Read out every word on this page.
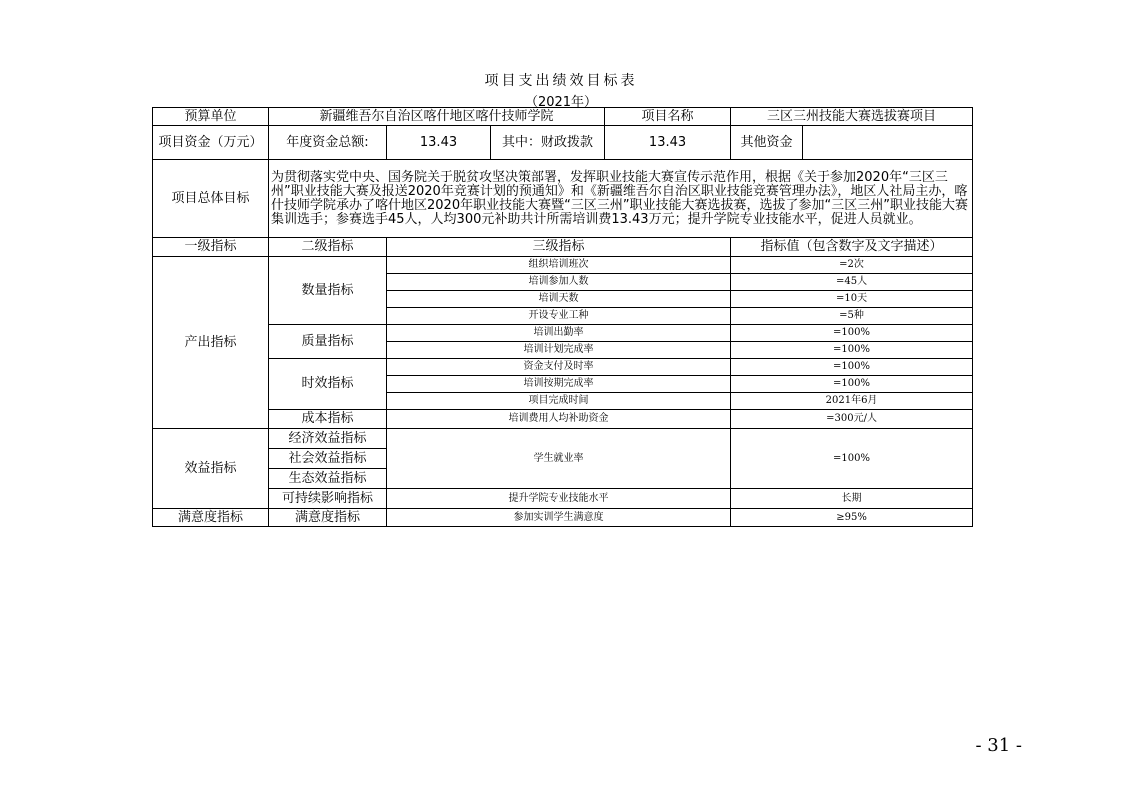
项目支出绩效目标表
（2021年）
预算单位	新疆维吾尔自治区喀什地区喀什技师学院			项目名称	三区三州技能大赛选拔赛项目	
项目资金（万元）	年度资金总额:	13.43	其中：财政拨款	13.43	其他资金	
项目总体目标	为贯彻落实党中央、国务院关于脱贫攻坚决策部署，发挥职业技能大赛宣传示范作用，根据《关于参加2020年“三区三州”职业技能大赛及报送2020年竞赛计划的预通知》和《新疆维吾尔自治区职业技能竞赛管理办法》，地区人社局主办，喀什技师学院承办了喀什地区2020年职业技能大赛暨“三区三州”职业技能大赛选拔赛，选拔了参加“三区三州”职业技能大赛集训选手；参赛选手45人，人均300元补助共计所需培训费13.43万元；提升学院专业技能水平，促进人员就业。					
一级指标	二级指标	三级指标			指标值（包含数字及文字描述）	
产出指标	数量指标	组织培训班次			=2次	
		培训参加人数			=45人	
		培训天数			=10天	
		开设专业工种			=5种	
	质量指标	培训出勤率			=100%	
		培训计划完成率			=100%	
	时效指标	资金支付及时率			=100%	
		培训按期完成率			=100%	
		项目完成时间			2021年6月	
	成本指标	培训费用人均补助资金			=300元/人	
效益指标	经济效益指标	学生就业率			=100%	
	社会效益指标					
	生态效益指标					
	可持续影响指标	提升学院专业技能水平			长期	
满意度指标	满意度指标	参加实训学生满意度			≥95%	
- 31 -
